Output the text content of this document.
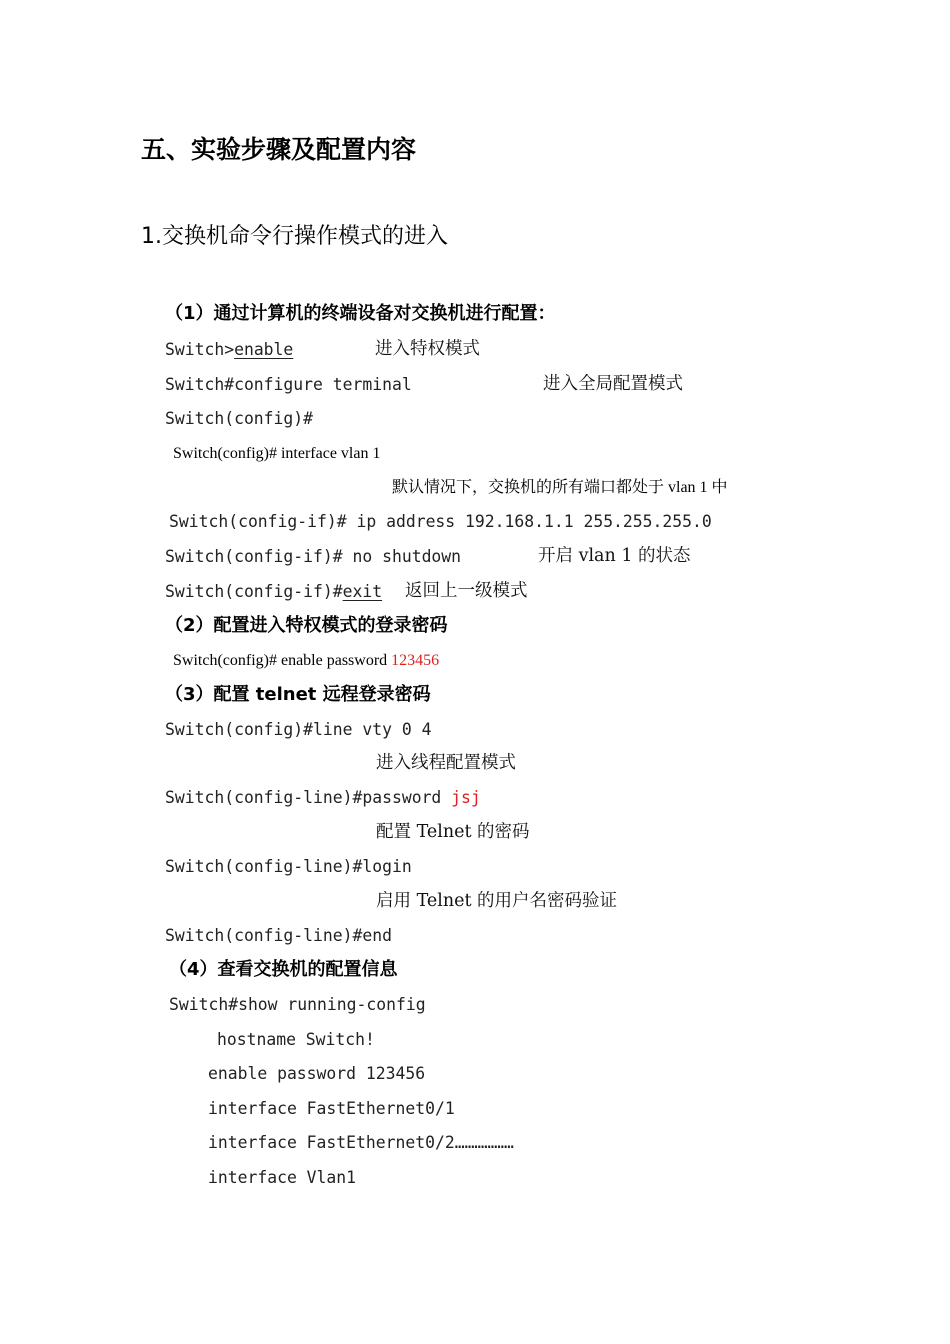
五、实验步骤及配置内容
1.交换机命令行操作模式的进入
（1）通过计算机的终端设备对交换机进行配置：
Switch>enable	进入特权模式
Switch#configure terminal	进入全局配置模式
Switch(config)#
Switch(config)# interface vlan 1
默认情况下，交换机的所有端口都处于 vlan 1 中
Switch(config-if)# ip address 192.168.1.1 255.255.255.0
Switch(config-if)# no shutdown	开启 vlan 1 的状态
Switch(config-if)#exit 返回上一级模式
（2）配置进入特权模式的登录密码
Switch(config)# enable password 123456
（3）配置 telnet 远程登录密码
Switch(config)#line vty 0 4
进入线程配置模式
Switch(config-line)#password jsj
配置 Telnet 的密码
Switch(config-line)#login
启用 Telnet 的用户名密码验证
Switch(config-line)#end
（4）查看交换机的配置信息
Switch#show running-config
hostname Switch!
enable password 123456
interface FastEthernet0/1
interface FastEthernet0/2………………
interface Vlan1
